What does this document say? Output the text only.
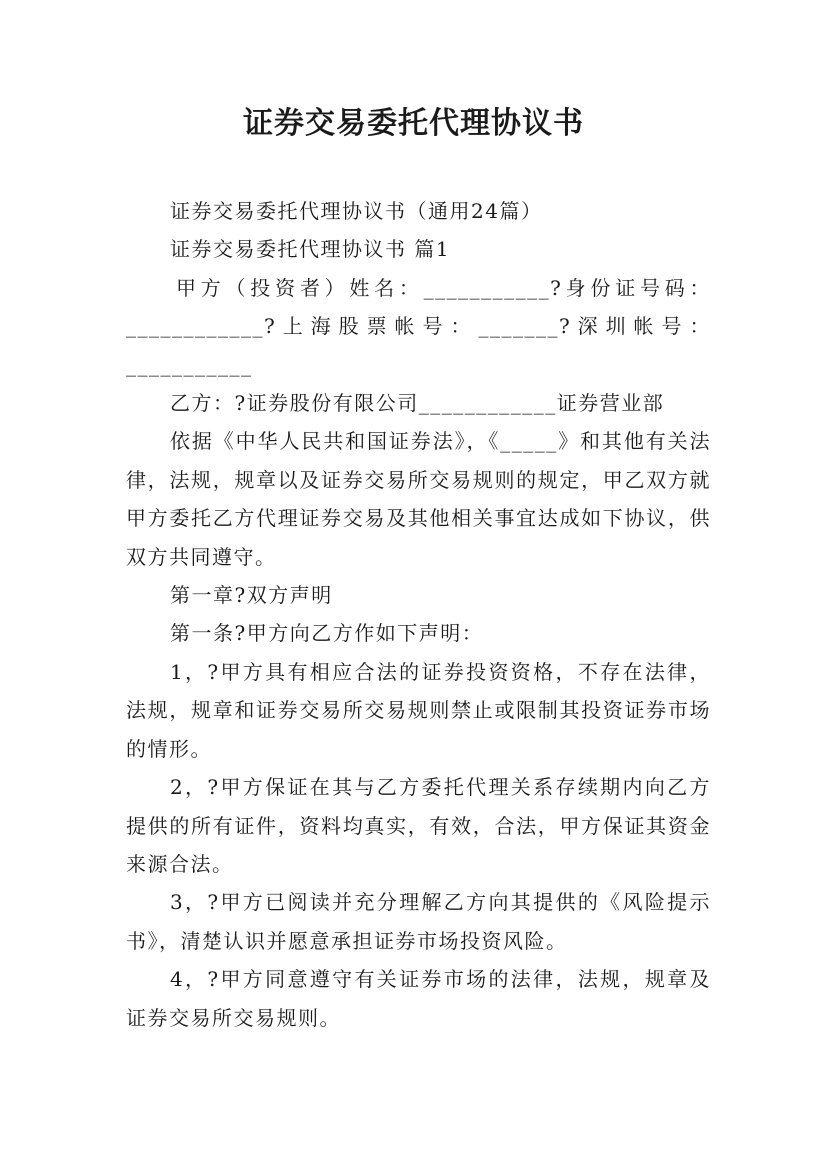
证券交易委托代理协议书

证券交易委托代理协议书（通用24篇）

证券交易委托代理协议书 篇1

甲方（投资者）姓名：___________?身份证号码：____________?上海股票帐号：_______?深圳帐号：___________

乙方：?证券股份有限公司____________证券营业部

依据《中华人民共和国证券法》，《_____》和其他有关法律，法规，规章以及证券交易所交易规则的规定，甲乙双方就甲方委托乙方代理证券交易及其他相关事宜达成如下协议，供双方共同遵守。

第一章?双方声明

第一条?甲方向乙方作如下声明：

1，?甲方具有相应合法的证券投资资格，不存在法律，法规，规章和证券交易所交易规则禁止或限制其投资证券市场的情形。

2，?甲方保证在其与乙方委托代理关系存续期内向乙方提供的所有证件，资料均真实，有效，合法，甲方保证其资金来源合法。

3，?甲方已阅读并充分理解乙方向其提供的《风险提示书》，清楚认识并愿意承担证券市场投资风险。

4，?甲方同意遵守有关证券市场的法律，法规，规章及证券交易所交易规则。
